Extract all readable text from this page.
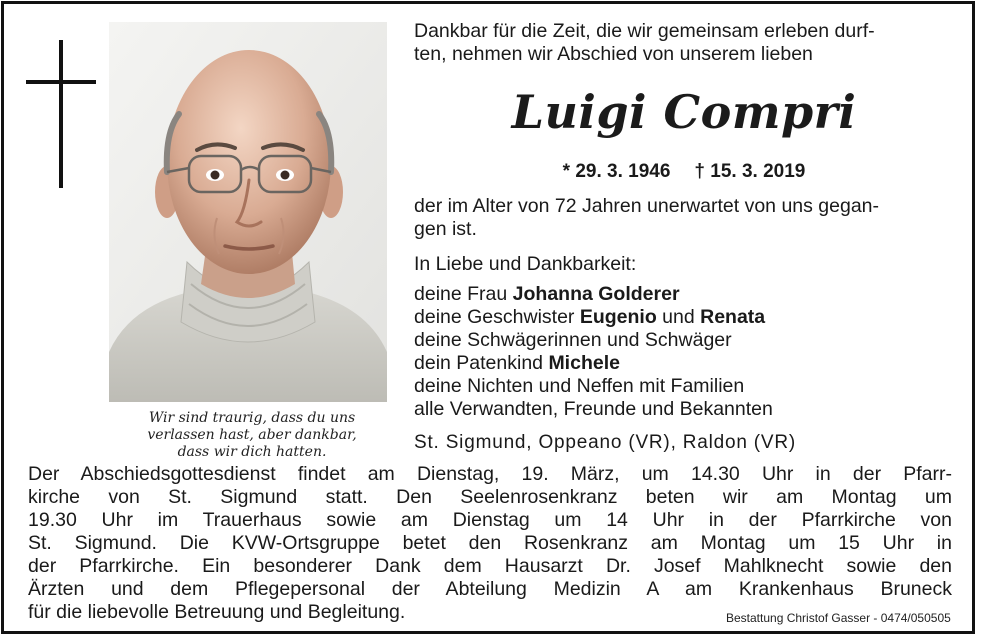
Wir sind traurig, dass du uns
verlassen hast, aber dankbar,
dass wir dich hatten.
Dankbar für die Zeit, die wir gemeinsam erleben durf-
ten, nehmen wir Abschied von unserem lieben
Luigi Compri
* 29. 3. 1946 † 15. 3. 2019
der im Alter von 72 Jahren unerwartet von uns gegan-
gen ist.
In Liebe und Dankbarkeit:
deine Frau Johanna Golderer
deine Geschwister Eugenio und Renata
deine Schwägerinnen und Schwäger
dein Patenkind Michele
deine Nichten und Neffen mit Familien
alle Verwandten, Freunde und Bekannten
St. Sigmund, Oppeano (VR), Raldon (VR)
Der Abschiedsgottesdienst findet am Dienstag, 19. März, um 14.30 Uhr in der Pfarr-
kirche von St. Sigmund statt. Den Seelenrosenkranz beten wir am Montag um
19.30 Uhr im Trauerhaus sowie am Dienstag um 14 Uhr in der Pfarrkirche von
St. Sigmund. Die KVW-Ortsgruppe betet den Rosenkranz am Montag um 15 Uhr in
der Pfarrkirche. Ein besonderer Dank dem Hausarzt Dr. Josef Mahlknecht sowie den
Ärzten und dem Pflegepersonal der Abteilung Medizin A am Krankenhaus Bruneck
für die liebevolle Betreuung und Begleitung.	Bestattung Christof Gasser - 0474/050505
